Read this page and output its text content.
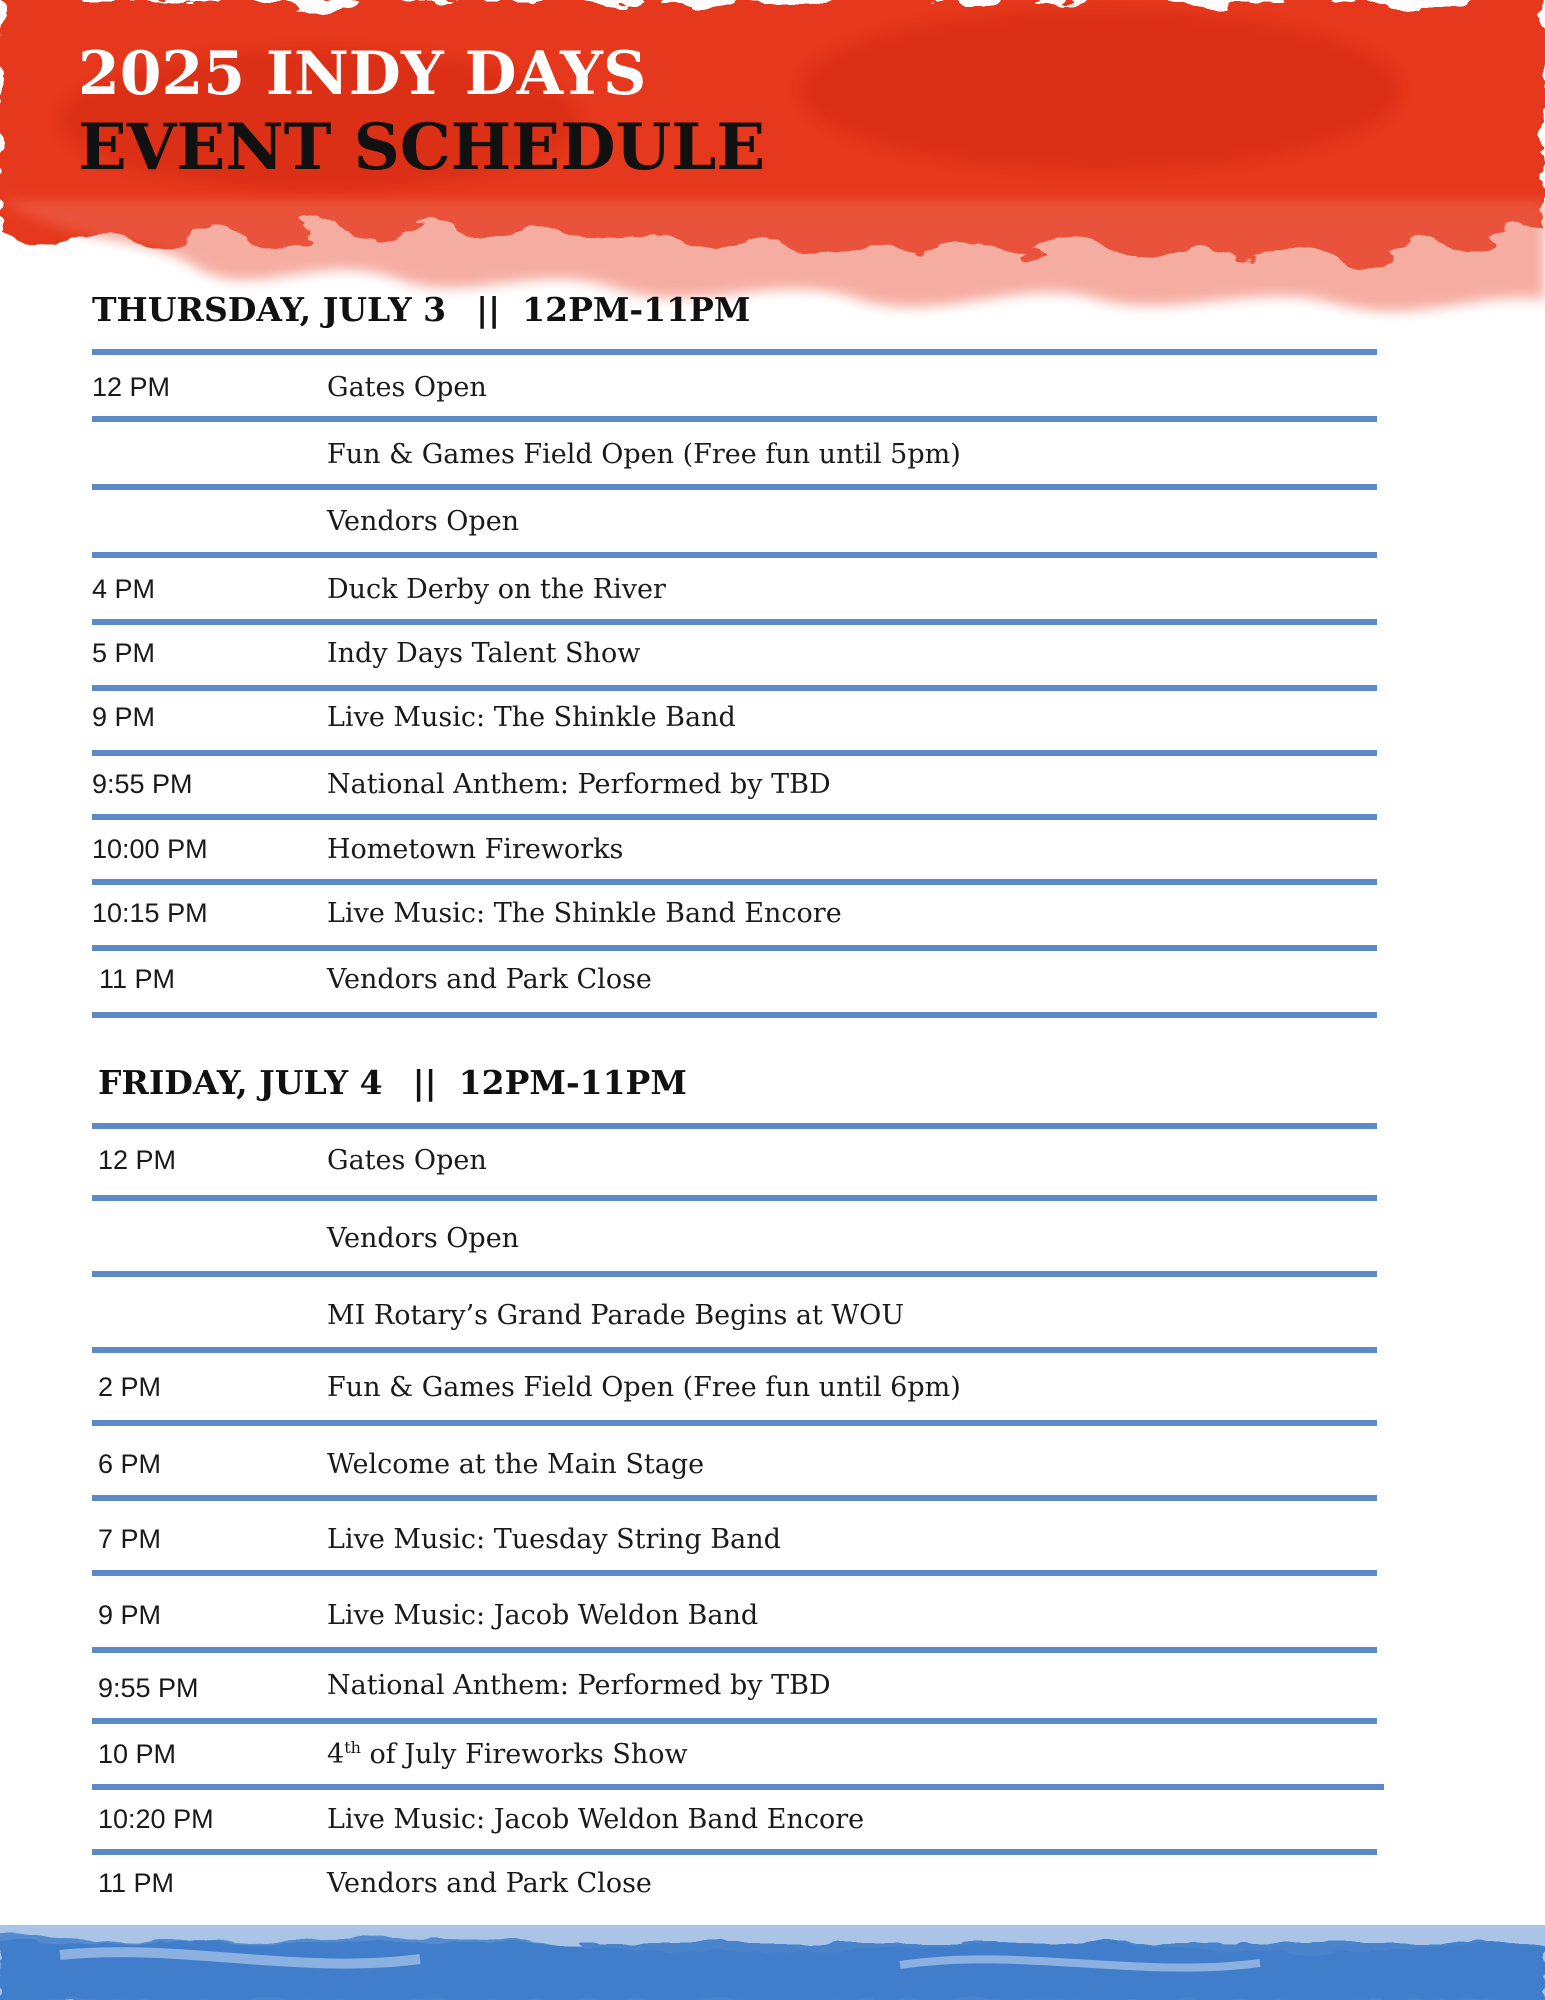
2025 INDY DAYS
EVENT SCHEDULE
THURSDAY, JULY 3 || 12PM-11PM
12 PM	Gates Open
Fun & Games Field Open (Free fun until 5pm)
Vendors Open
4 PM	Duck Derby on the River
5 PM	Indy Days Talent Show
9 PM	Live Music: The Shinkle Band
9:55 PM	National Anthem: Performed by TBD
10:00 PM	Hometown Fireworks
10:15 PM	Live Music: The Shinkle Band Encore
11 PM	Vendors and Park Close
FRIDAY, JULY 4 || 12PM-11PM
12 PM	Gates Open
Vendors Open
MI Rotary’s Grand Parade Begins at WOU
2 PM	Fun & Games Field Open (Free fun until 6pm)
6 PM	Welcome at the Main Stage
7 PM	Live Music: Tuesday String Band
9 PM	Live Music: Jacob Weldon Band
9:55 PM	National Anthem: Performed by TBD
10 PM	4th of July Fireworks Show
10:20 PM	Live Music: Jacob Weldon Band Encore
11 PM	Vendors and Park Close
